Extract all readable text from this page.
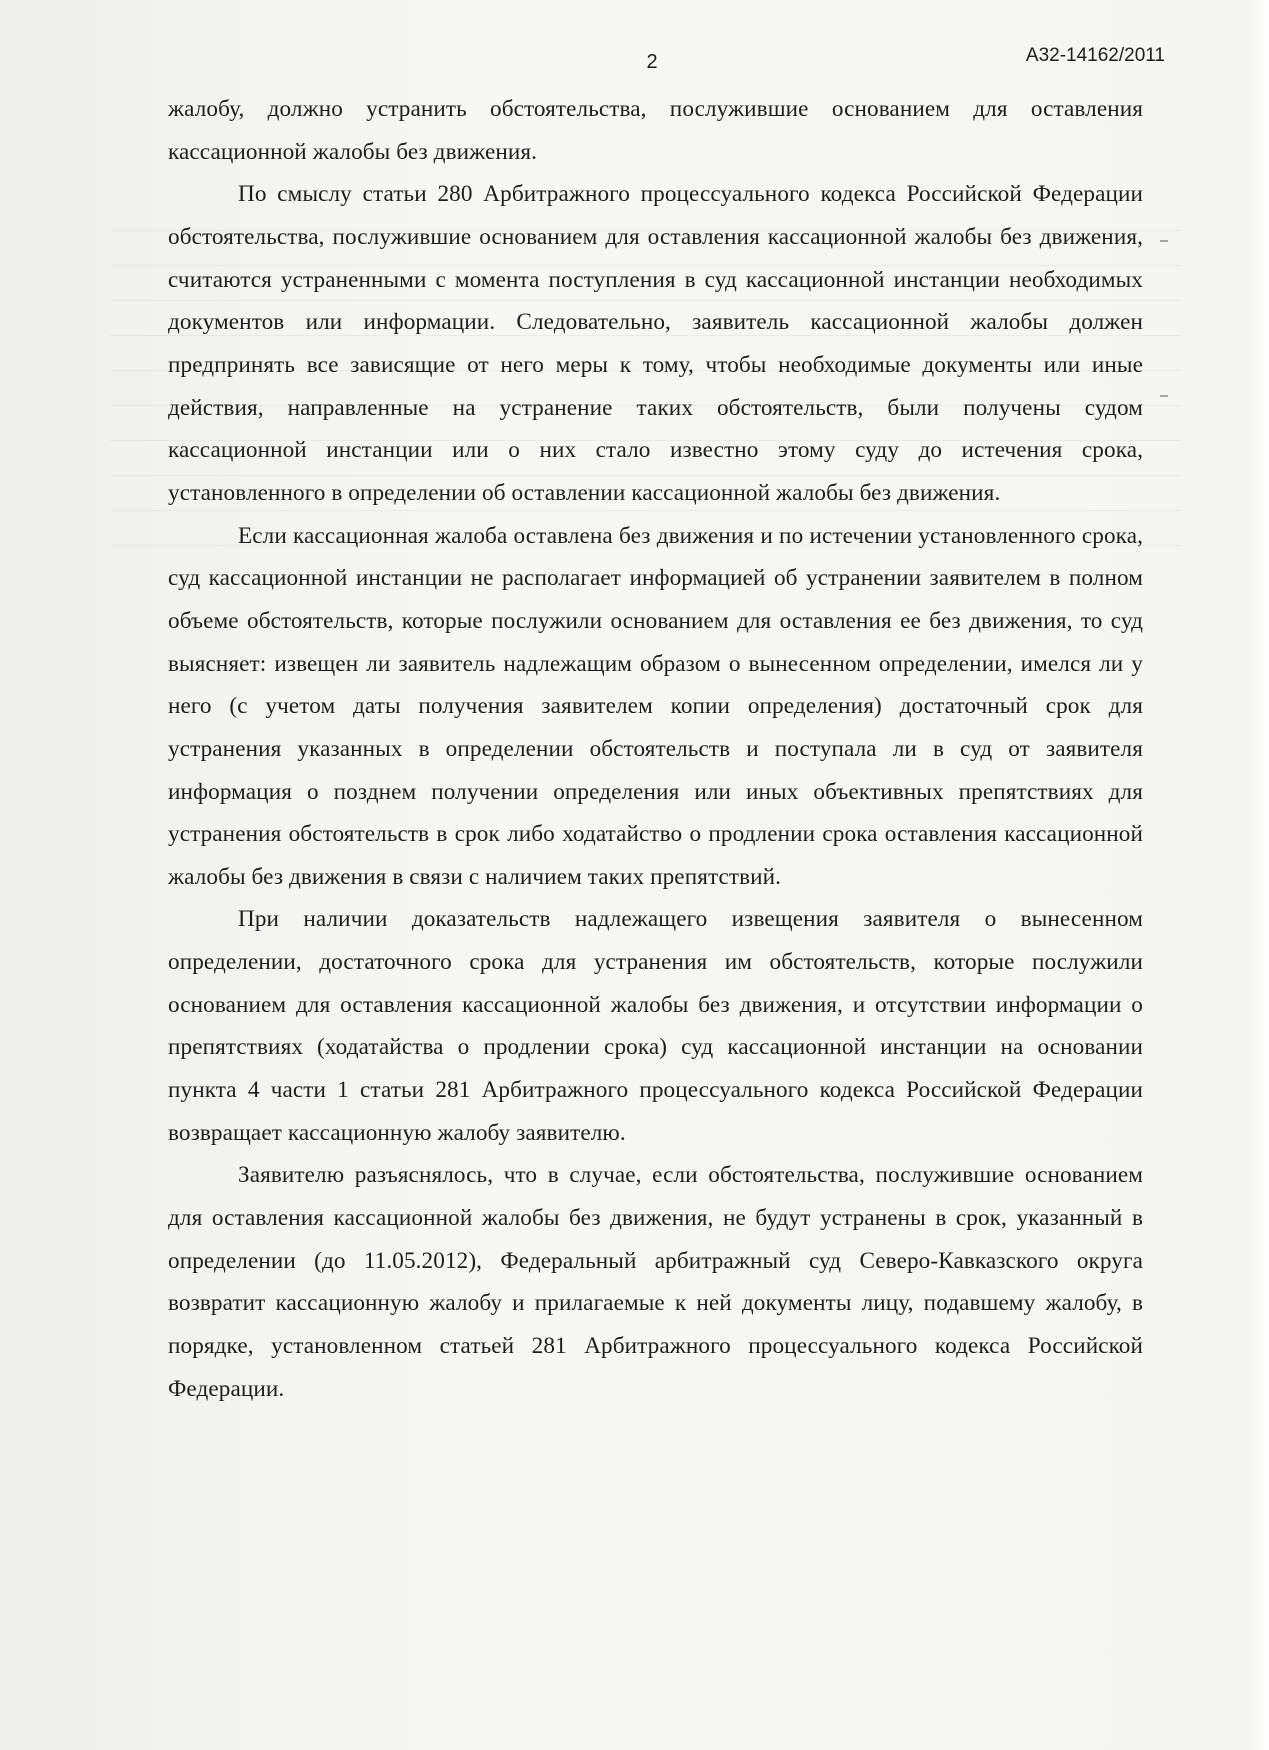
2	А32-14162/2011

жалобу, должно устранить обстоятельства, послужившие основанием для оставления кассационной жалобы без движения.

По смыслу статьи 280 Арбитражного процессуального кодекса Российской Федерации обстоятельства, послужившие основанием для оставления кассационной жалобы без движения, считаются устраненными с момента поступления в суд кассационной инстанции необходимых документов или информации. Следовательно, заявитель кассационной жалобы должен предпринять все зависящие от него меры к тому, чтобы необходимые документы или иные действия, направленные на устранение таких обстоятельств, были получены судом кассационной инстанции или о них стало известно этому суду до истечения срока, установленного в определении об оставлении кассационной жалобы без движения.

Если кассационная жалоба оставлена без движения и по истечении установленного срока, суд кассационной инстанции не располагает информацией об устранении заявителем в полном объеме обстоятельств, которые послужили основанием для оставления ее без движения, то суд выясняет: извещен ли заявитель надлежащим образом о вынесенном определении, имелся ли у него (с учетом даты получения заявителем копии определения) достаточный срок для устранения указанных в определении обстоятельств и поступала ли в суд от заявителя информация о позднем получении определения или иных объективных препятствиях для устранения обстоятельств в срок либо ходатайство о продлении срока оставления кассационной жалобы без движения в связи с наличием таких препятствий.

При наличии доказательств надлежащего извещения заявителя о вынесенном определении, достаточного срока для устранения им обстоятельств, которые послужили основанием для оставления кассационной жалобы без движения, и отсутствии информации о препятствиях (ходатайства о продлении срока) суд кассационной инстанции на основании пункта 4 части 1 статьи 281 Арбитражного процессуального кодекса Российской Федерации возвращает кассационную жалобу заявителю.

Заявителю разъяснялось, что в случае, если обстоятельства, послужившие основанием для оставления кассационной жалобы без движения, не будут устранены в срок, указанный в определении (до 11.05.2012), Федеральный арбитражный суд Северо-Кавказского округа возвратит кассационную жалобу и прилагаемые к ней документы лицу, подавшему жалобу, в порядке, установленном статьей 281 Арбитражного процессуального кодекса Российской Федерации.
